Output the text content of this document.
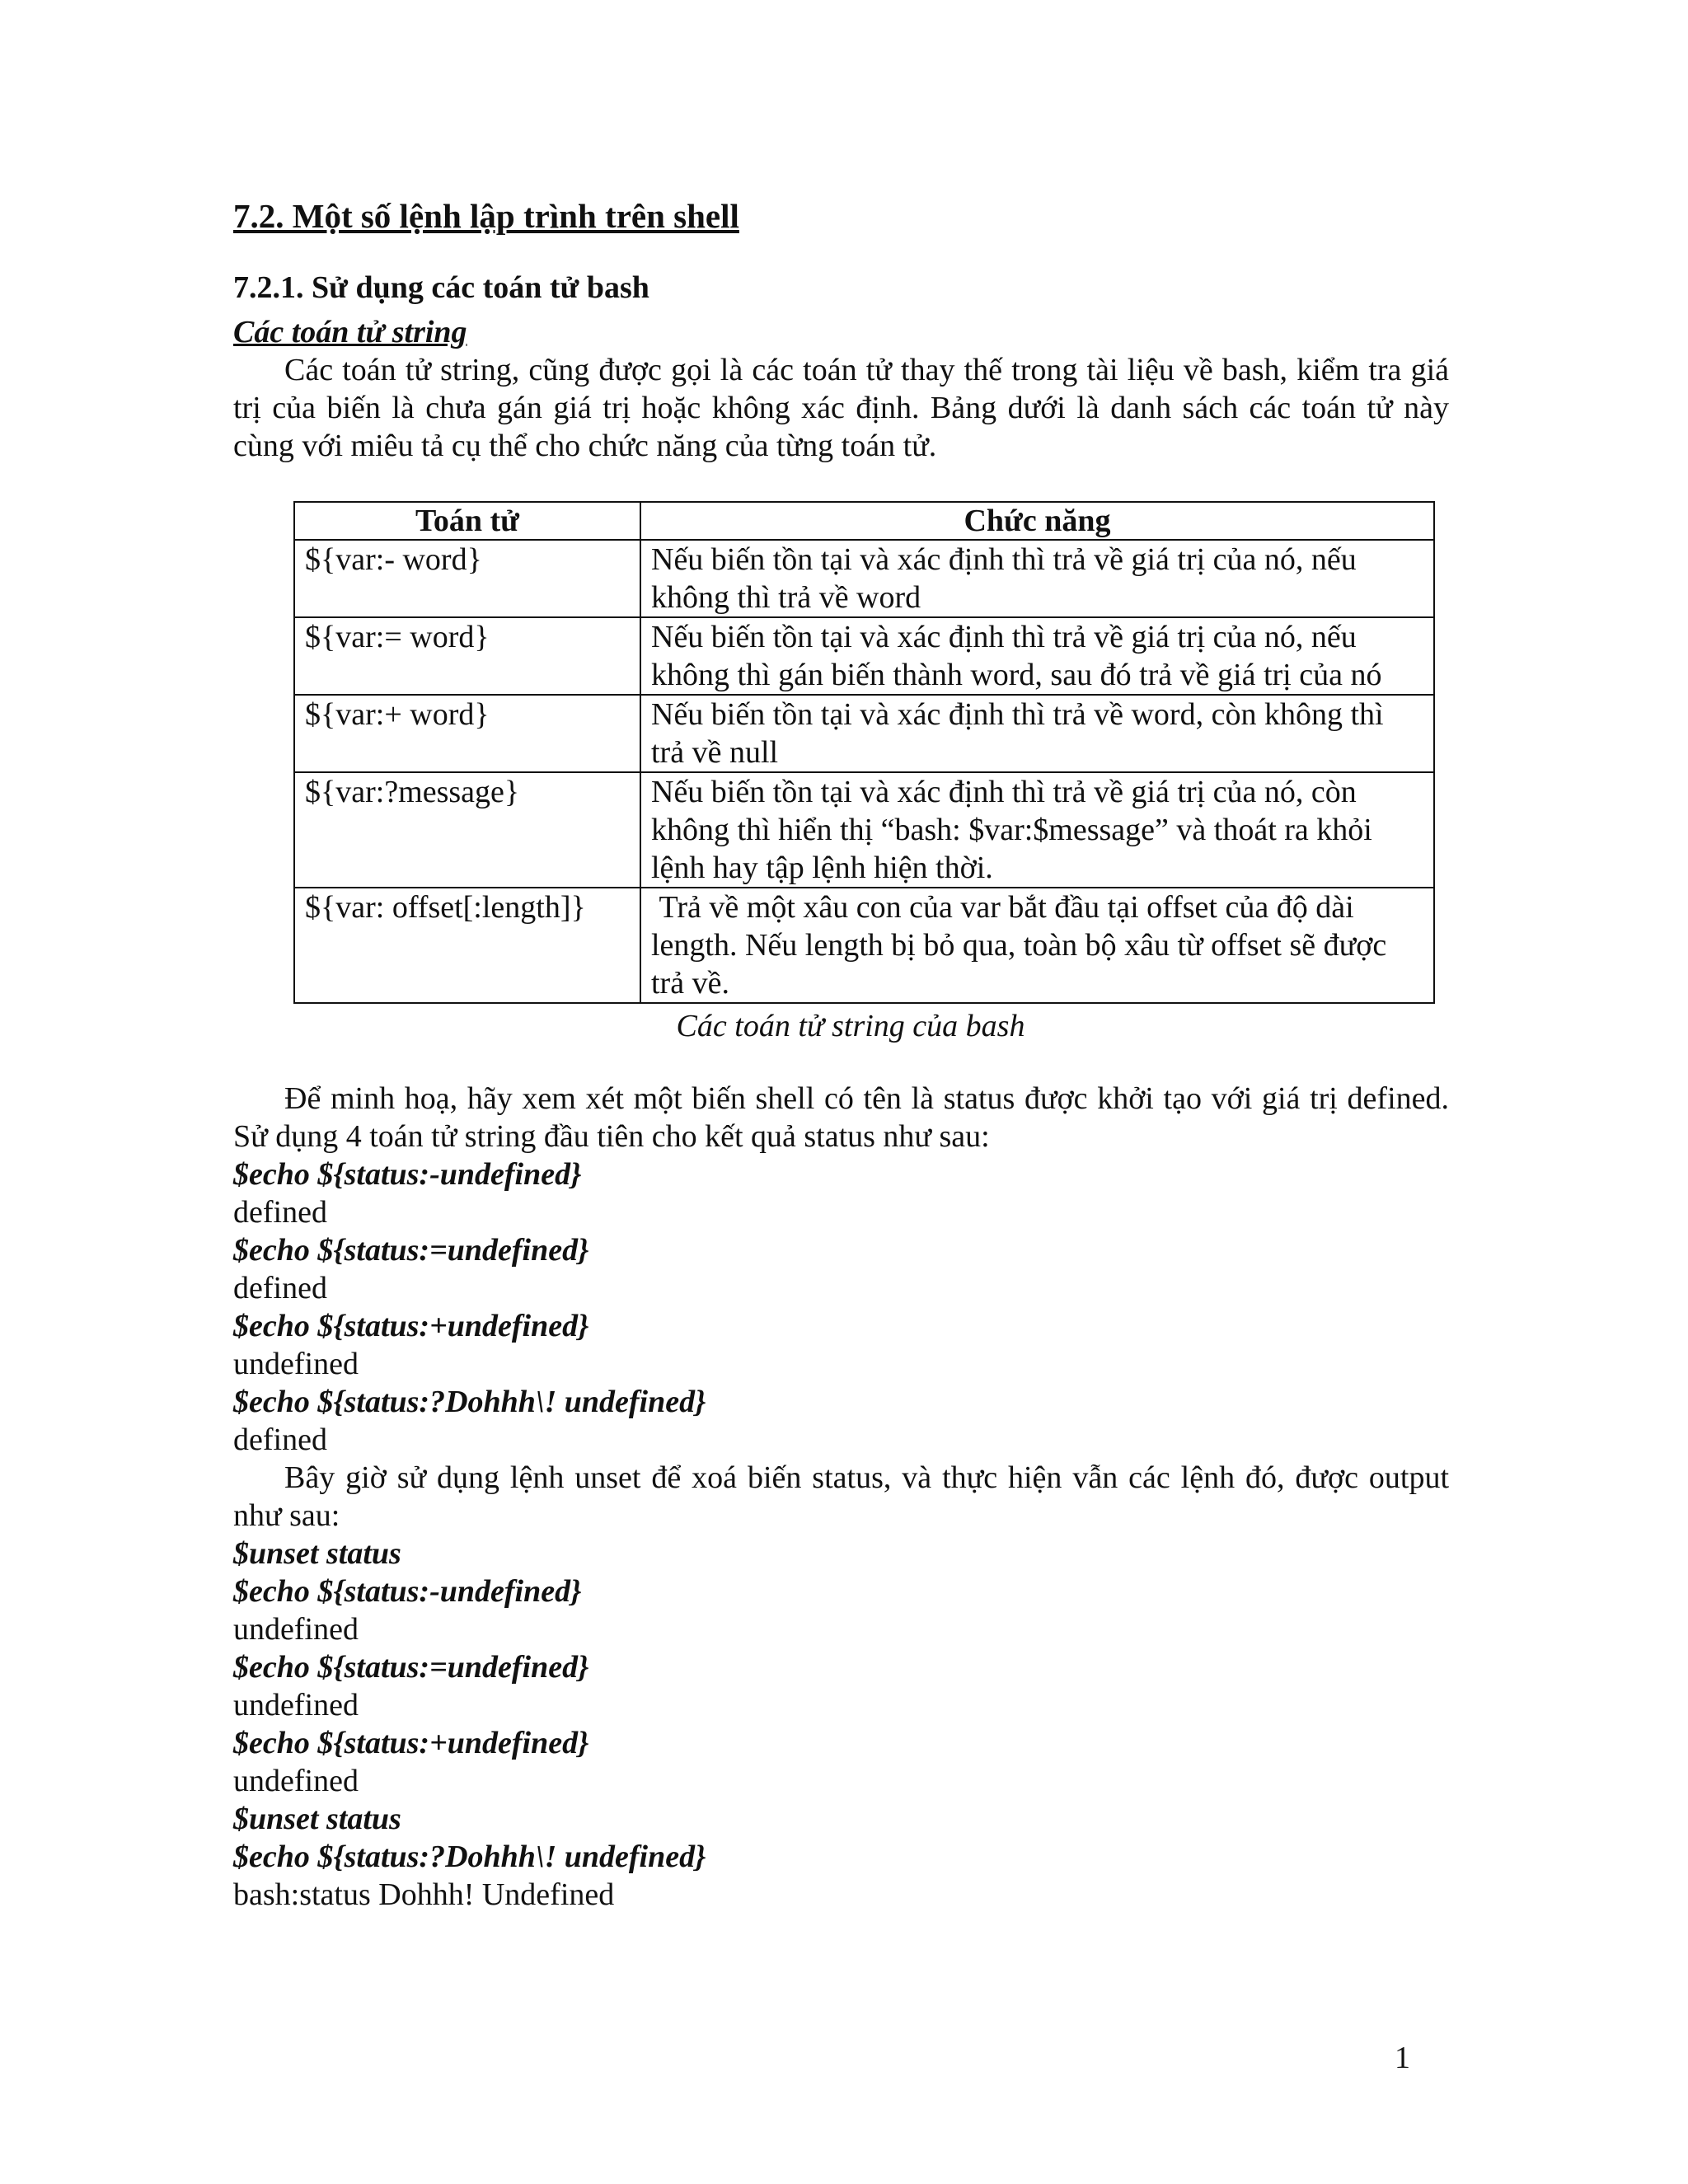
7.2. Một số lệnh lập trình trên shell
7.2.1. Sử dụng các toán tử bash
Các toán tử string

Các toán tử string, cũng được gọi là các toán tử thay thế trong tài liệu về bash, kiểm tra giá trị của biến là chưa gán giá trị hoặc không xác định. Bảng dưới là danh sách các toán tử này cùng với miêu tả cụ thể cho chức năng của từng toán tử.

Toán tử	Chức năng
${var:- word}	Nếu biến tồn tại và xác định thì trả về giá trị của nó, nếu không thì trả về word
${var:= word}	Nếu biến tồn tại và xác định thì trả về giá trị của nó, nếu không thì gán biến thành word, sau đó trả về giá trị của nó
${var:+ word}	Nếu biến tồn tại và xác định thì trả về word, còn không thì trả về null
${var:?message}	Nếu biến tồn tại và xác định thì trả về giá trị của nó, còn không thì hiển thị “bash: $var:$message” và thoát ra khỏi lệnh hay tập lệnh hiện thời.
${var: offset[:length]}	Trả về một xâu con của var bắt đầu tại offset của độ dài length. Nếu length bị bỏ qua, toàn bộ xâu từ offset sẽ được trả về.
Các toán tử string của bash

Để minh hoạ, hãy xem xét một biến shell có tên là status được khởi tạo với giá trị defined. Sử dụng 4 toán tử string đầu tiên cho kết quả status như sau:

$echo ${status:-undefined}
defined
$echo ${status:=undefined}
defined
$echo ${status:+undefined}
undefined
$echo ${status:?Dohhh\! undefined}
defined

Bây giờ sử dụng lệnh unset để xoá biến status, và thực hiện vẫn các lệnh đó, được output như sau:

$unset status
$echo ${status:-undefined}
undefined
$echo ${status:=undefined}
undefined
$echo ${status:+undefined}
undefined
$unset status
$echo ${status:?Dohhh\! undefined}
bash:status Dohhh! Undefined
1
